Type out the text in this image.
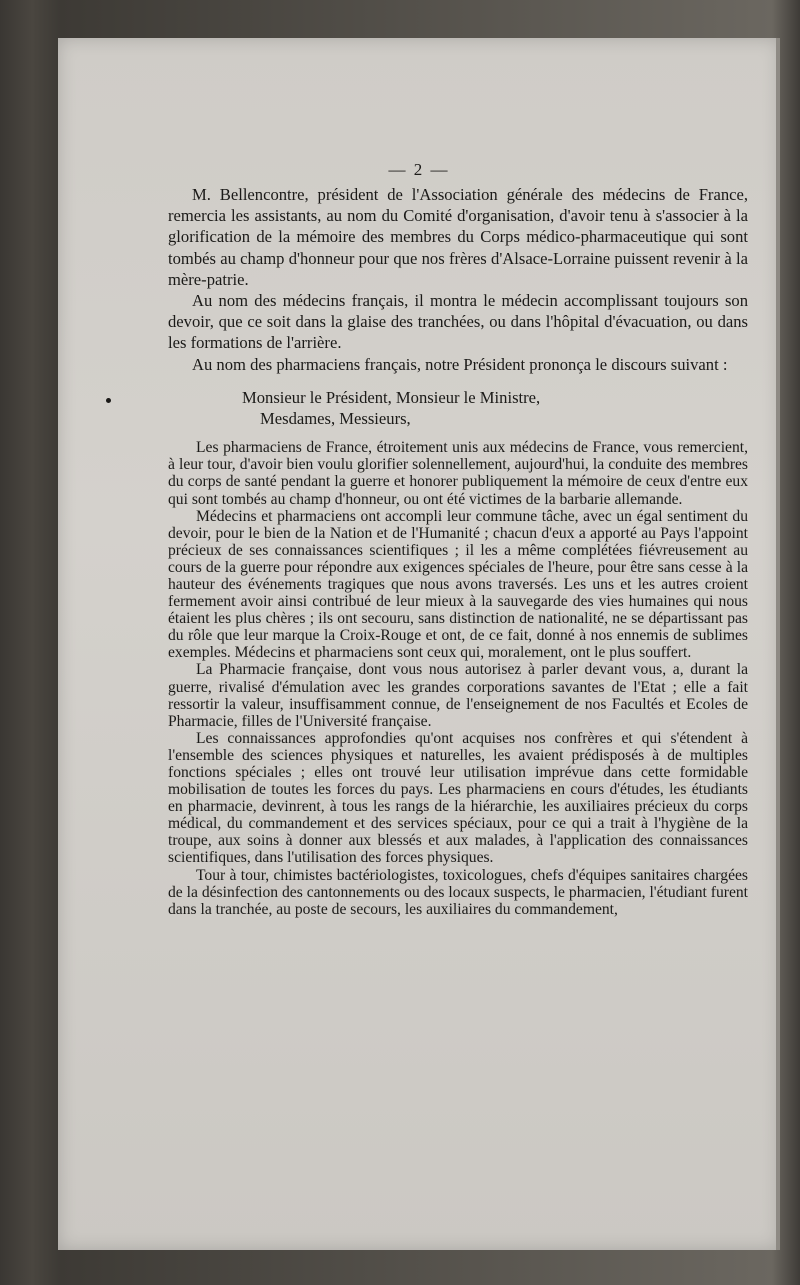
— 2 —

M. Bellencontre, président de l'Association générale des médecins de France, remercia les assistants, au nom du Comité d'organisation, d'avoir tenu à s'associer à la glorification de la mémoire des membres du Corps médico-pharmaceutique qui sont tombés au champ d'honneur pour que nos frères d'Alsace-Lorraine puissent revenir à la mère-patrie.

Au nom des médecins français, il montra le médecin accomplissant toujours son devoir, que ce soit dans la glaise des tranchées, ou dans l'hôpital d'évacuation, ou dans les formations de l'arrière.

Au nom des pharmaciens français, notre Président prononça le discours suivant :

Monsieur le Président, Monsieur le Ministre,
Mesdames, Messieurs,

Les pharmaciens de France, étroitement unis aux médecins de France, vous remercient, à leur tour, d'avoir bien voulu glorifier solennellement, aujourd'hui, la conduite des membres du corps de santé pendant la guerre et honorer publiquement la mémoire de ceux d'entre eux qui sont tombés au champ d'honneur, ou ont été victimes de la barbarie allemande.

Médecins et pharmaciens ont accompli leur commune tâche, avec un égal sentiment du devoir, pour le bien de la Nation et de l'Humanité ; chacun d'eux a apporté au Pays l'appoint précieux de ses connaissances scientifiques ; il les a même complétées fiévreusement au cours de la guerre pour répondre aux exigences spéciales de l'heure, pour être sans cesse à la hauteur des événements tragiques que nous avons traversés. Les uns et les autres croient fermement avoir ainsi contribué de leur mieux à la sauvegarde des vies humaines qui nous étaient les plus chères ; ils ont secouru, sans distinction de nationalité, ne se départissant pas du rôle que leur marque la Croix-Rouge et ont, de ce fait, donné à nos ennemis de sublimes exemples. Médecins et pharmaciens sont ceux qui, moralement, ont le plus souffert.

La Pharmacie française, dont vous nous autorisez à parler devant vous, a, durant la guerre, rivalisé d'émulation avec les grandes corporations savantes de l'Etat ; elle a fait ressortir la valeur, insuffisamment connue, de l'enseignement de nos Facultés et Ecoles de Pharmacie, filles de l'Université française.

Les connaissances approfondies qu'ont acquises nos confrères et qui s'étendent à l'ensemble des sciences physiques et naturelles, les avaient prédisposés à de multiples fonctions spéciales ; elles ont trouvé leur utilisation imprévue dans cette formidable mobilisation de toutes les forces du pays. Les pharmaciens en cours d'études, les étudiants en pharmacie, devinrent, à tous les rangs de la hiérarchie, les auxiliaires précieux du corps médical, du commandement et des services spéciaux, pour ce qui a trait à l'hygiène de la troupe, aux soins à donner aux blessés et aux malades, à l'application des connaissances scientifiques, dans l'utilisation des forces physiques.

Tour à tour, chimistes bactériologistes, toxicologues, chefs d'équipes sanitaires chargées de la désinfection des cantonnements ou des locaux suspects, le pharmacien, l'étudiant furent dans la tranchée, au poste de secours, les auxiliaires du commandement,
